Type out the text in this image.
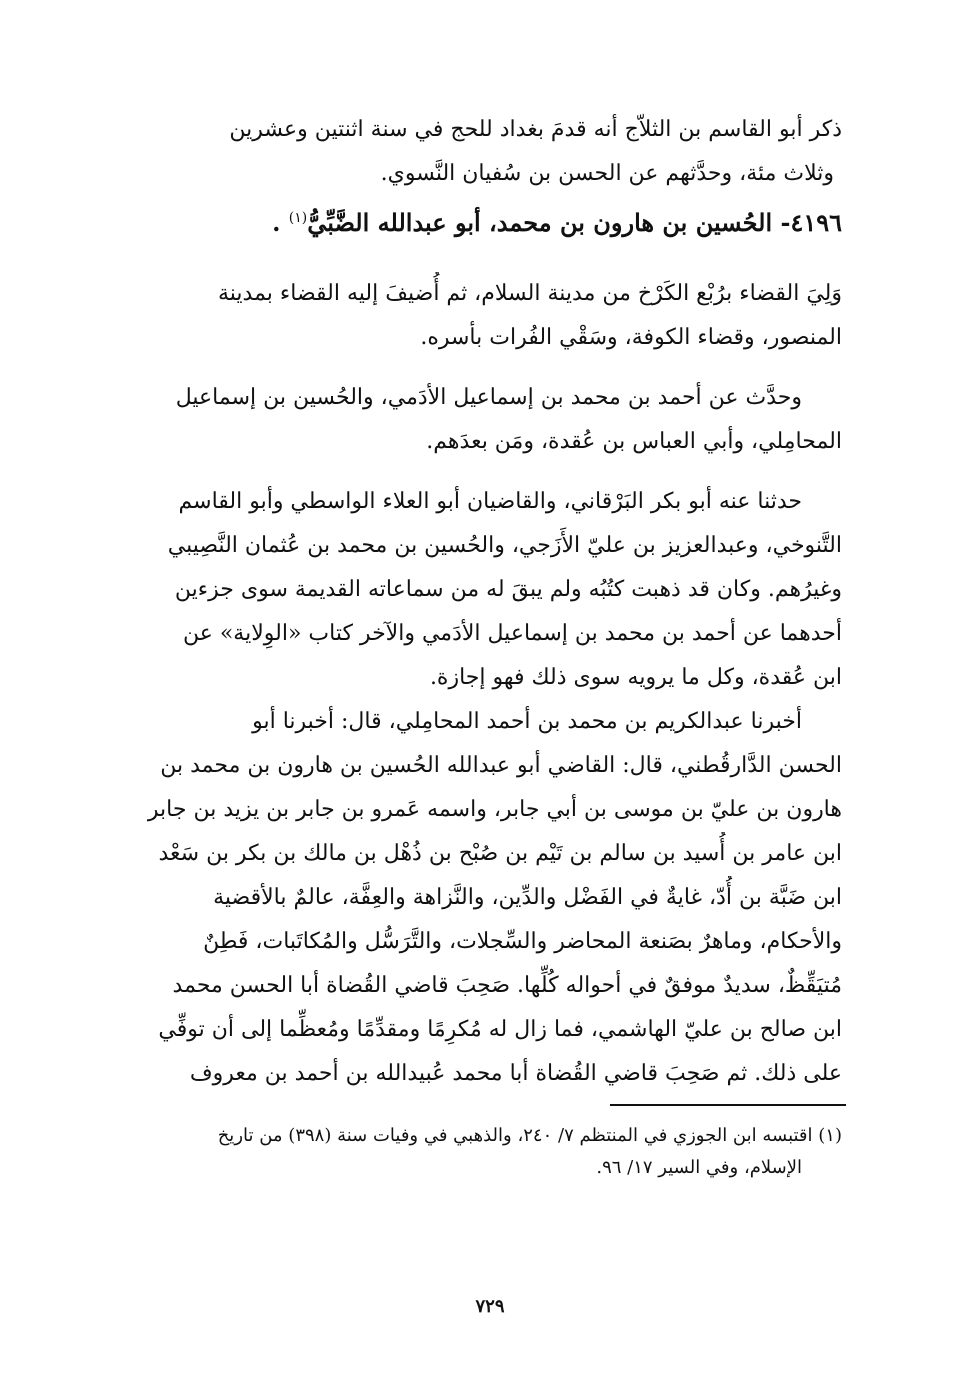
ذكر أبو القاسم بن الثلاّج أنه قدمَ بغداد للحج في سنة اثنتين وعشرين
وثلاث مئة، وحدَّثهم عن الحسن بن سُفيان النَّسوي.
٤١٩٦- الحُسين بن هارون بن محمد، أبو عبدالله الضَّبِّيُّ$^{(١)}$ .
وَلِيَ القضاء برُبْع الكَرْخ من مدينة السلام، ثم أُضيفَ إليه القضاء بمدينة
المنصور، وقضاء الكوفة، وسَقْي الفُرات بأسره.
وحدَّث عن أحمد بن محمد بن إسماعيل الأدَمي، والحُسين بن إسماعيل
المحامِلي، وأبي العباس بن عُقدة، ومَن بعدَهم.
حدثنا عنه أبو بكر البَرْقاني، والقاضيان أبو العلاء الواسطي وأبو القاسم
التَّنوخي، وعبدالعزيز بن عليّ الأَزَجي، والحُسين بن محمد بن عُثمان النَّصِيبي
وغيرُهم. وكان قد ذهبت كتُبُه ولم يبقَ له من سماعاته القديمة سوى جزءين
أحدهما عن أحمد بن محمد بن إسماعيل الأدَمي والآخر كتاب «الوِلاية» عن
ابن عُقدة، وكل ما يرويه سوى ذلك فهو إجازة.
أخبرنا عبدالكريم بن محمد بن أحمد المحامِلي، قال: أخبرنا أبو
الحسن الدَّارقُطني، قال: القاضي أبو عبدالله الحُسين بن هارون بن محمد بن
هارون بن عليّ بن موسى بن أبي جابر، واسمه عَمرو بن جابر بن يزيد بن جابر
ابن عامر بن أُسيد بن سالم بن تَيْم بن صُبْح بن ذُهْل بن مالك بن بكر بن سَعْد
ابن ضَبَّة بن أُدّ، غايةٌ في الفَضْل والدِّين، والنَّزاهة والعِفَّة، عالمٌ بالأقضية
والأحكام، وماهرٌ بصَنعة المحاضر والسِّجلات، والتَّرَسُّل والمُكاتَبات، فَطِنٌ
مُتيَقِّظٌ، سديدٌ موفقٌ في أحواله كُلِّها. صَحِبَ قاضي القُضاة أبا الحسن محمد
ابن صالح بن عليّ الهاشمي، فما زال له مُكرِمًا ومقدِّمًا ومُعظِّما إلى أن توفِّي
على ذلك. ثم صَحِبَ قاضي القُضاة أبا محمد عُبيدالله بن أحمد بن معروف
(١) اقتبسه ابن الجوزي في المنتظم ٧/ ٢٤٠، والذهبي في وفيات سنة (٣٩٨) من تاريخ
الإسلام، وفي السير ١٧/ ٩٦.
٧٢٩
